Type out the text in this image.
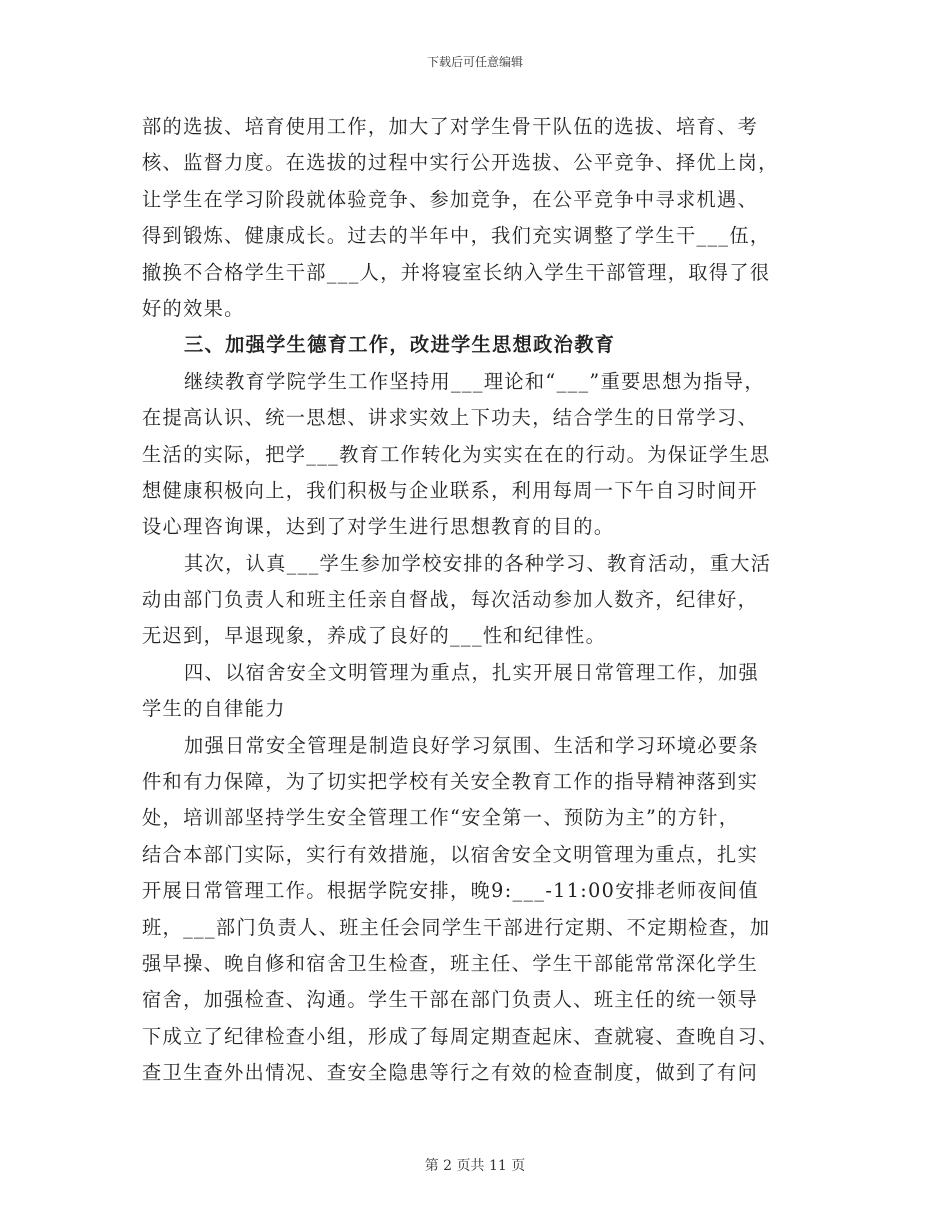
下载后可任意编辑
部的选拔、培育使用工作，加大了对学生骨干队伍的选拔、培育、考
核、监督力度。在选拔的过程中实行公开选拔、公平竞争、择优上岗，
让学生在学习阶段就体验竞争、参加竞争，在公平竞争中寻求机遇、
得到锻炼、健康成长。过去的半年中，我们充实调整了学生干___伍，
撤换不合格学生干部___人，并将寝室长纳入学生干部管理，取得了很
好的效果。
三、加强学生德育工作，改进学生思想政治教育
继续教育学院学生工作坚持用___理论和“___”重要思想为指导，
在提高认识、统一思想、讲求实效上下功夫，结合学生的日常学习、
生活的实际，把学___教育工作转化为实实在在的行动。为保证学生思
想健康积极向上，我们积极与企业联系，利用每周一下午自习时间开
设心理咨询课，达到了对学生进行思想教育的目的。
其次，认真___学生参加学校安排的各种学习、教育活动，重大活
动由部门负责人和班主任亲自督战，每次活动参加人数齐，纪律好，
无迟到，早退现象，养成了良好的___性和纪律性。
四、以宿舍安全文明管理为重点，扎实开展日常管理工作，加强
学生的自律能力
加强日常安全管理是制造良好学习氛围、生活和学习环境必要条
件和有力保障，为了切实把学校有关安全教育工作的指导精神落到实
处，培训部坚持学生安全管理工作“安全第一、预防为主”的方针，
结合本部门实际，实行有效措施，以宿舍安全文明管理为重点，扎实
开展日常管理工作。根据学院安排，晚9:___-11:00安排老师夜间值
班，___部门负责人、班主任会同学生干部进行定期、不定期检查，加
强早操、晚自修和宿舍卫生检查，班主任、学生干部能常常深化学生
宿舍，加强检查、沟通。学生干部在部门负责人、班主任的统一领导
下成立了纪律检查小组，形成了每周定期查起床、查就寝、查晚自习、
查卫生查外出情况、查安全隐患等行之有效的检查制度，做到了有问
第 2 页共 11 页
